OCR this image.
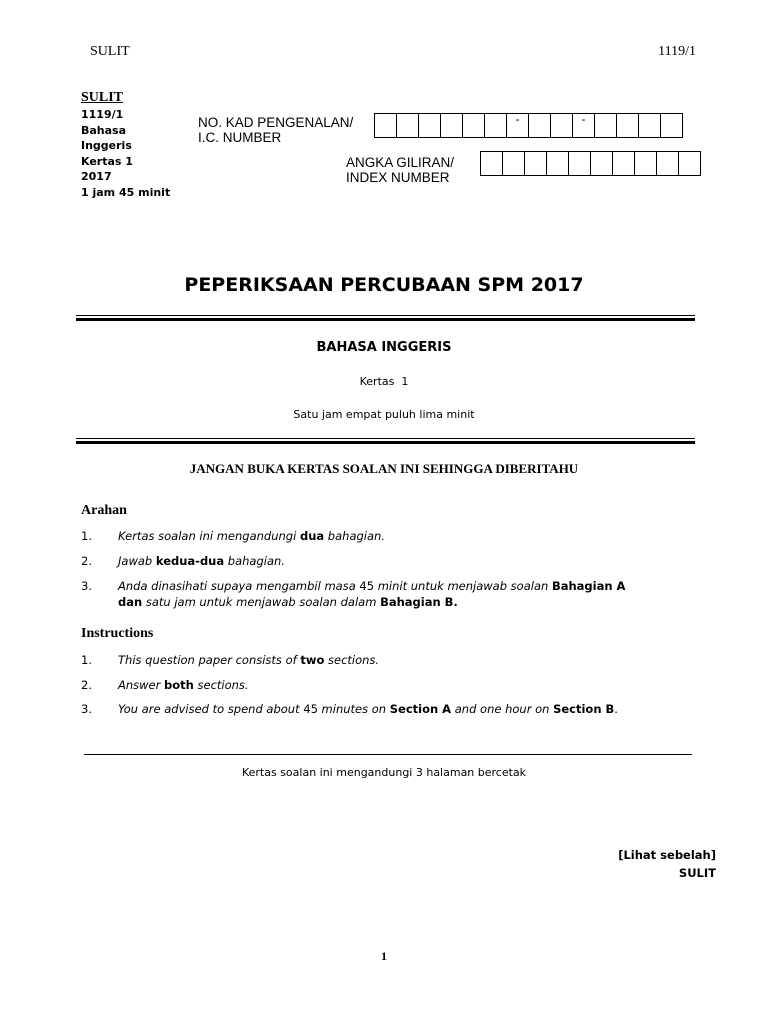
SULIT	1119/1
SULIT
1119/1
Bahasa
Inggeris
Kertas 1
2017
1 jam 45 minit
NO. KAD PENGENALAN/
I.C. NUMBER
-	-
ANGKA GILIRAN/
INDEX NUMBER
PEPERIKSAAN PERCUBAAN SPM 2017
BAHASA INGGERIS
Kertas  1
Satu jam empat puluh lima minit
JANGAN BUKA KERTAS SOALAN INI SEHINGGA DIBERITAHU
Arahan
1. Kertas soalan ini mengandungi dua bahagian.
2. Jawab kedua-dua bahagian.
3. Anda dinasihati supaya mengambil masa 45 minit untuk menjawab soalan Bahagian A
dan satu jam untuk menjawab soalan dalam Bahagian B.
Instructions
1. This question paper consists of two sections.
2. Answer both sections.
3. You are advised to spend about 45 minutes on Section A and one hour on Section B.
Kertas soalan ini mengandungi 3 halaman bercetak
[Lihat sebelah]
SULIT
1
